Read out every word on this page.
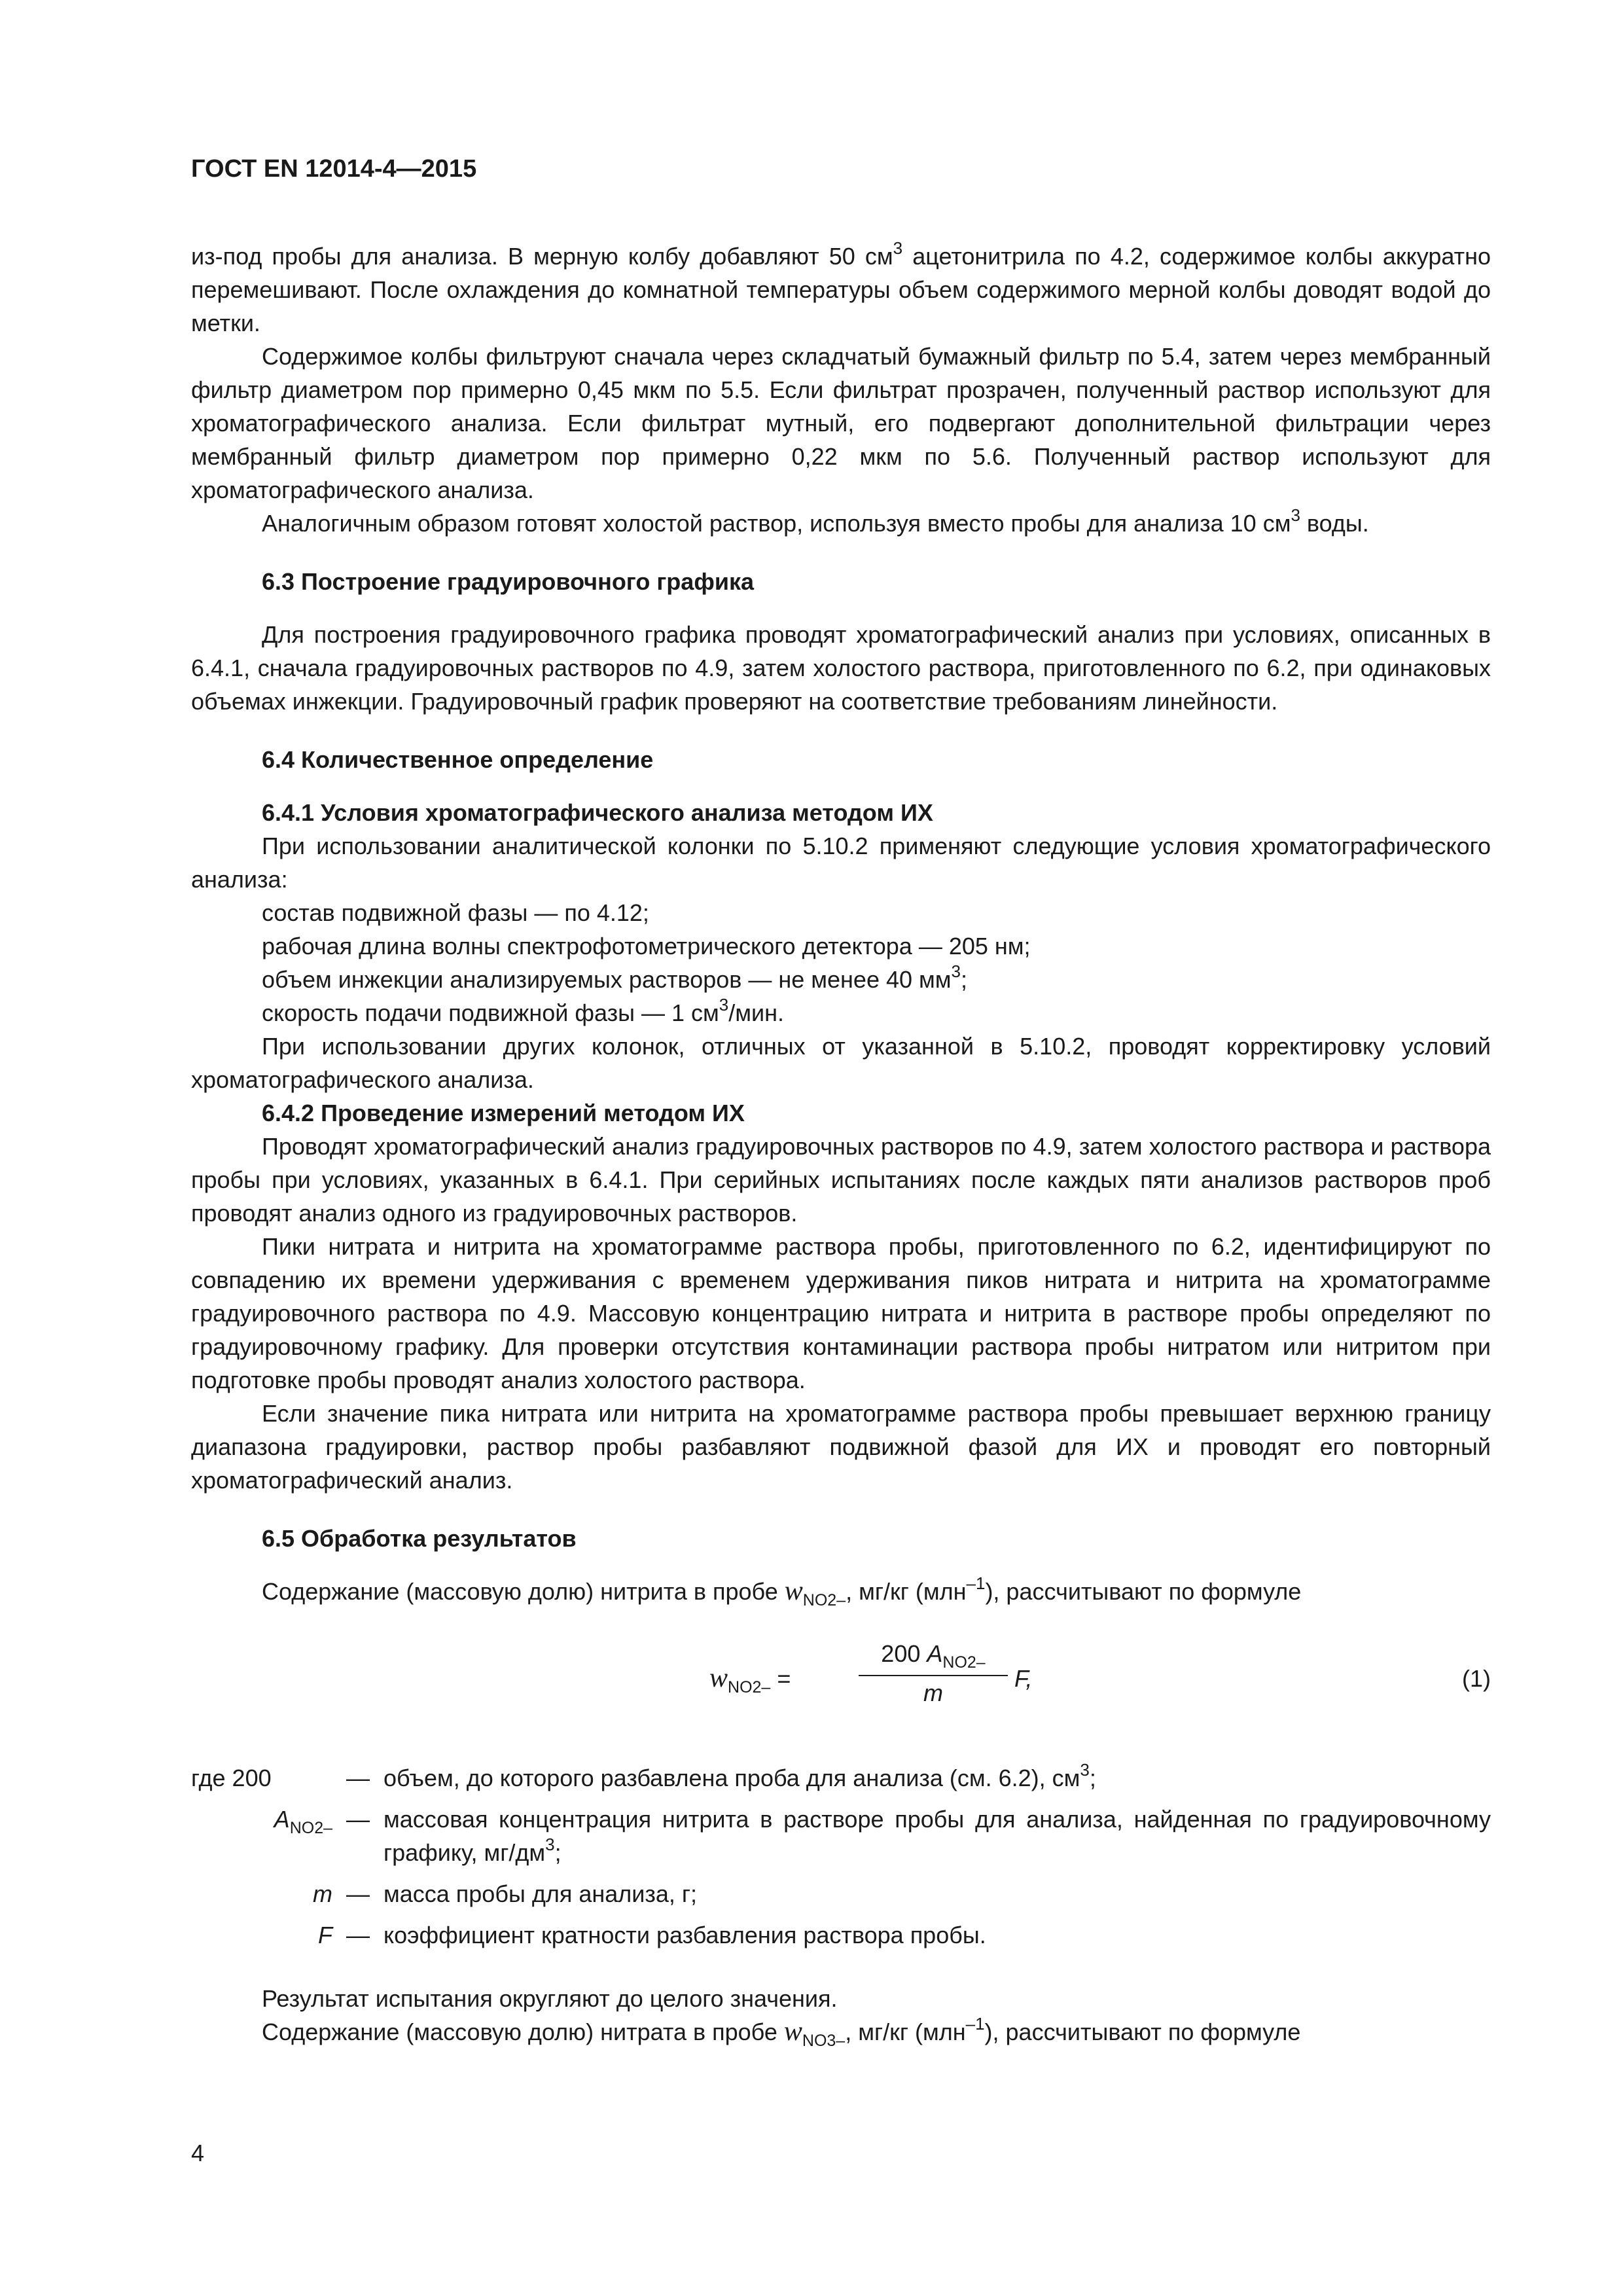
ГОСТ EN 12014-4—2015

из-под пробы для анализа. В мерную колбу добавляют 50 $см^3$ ацетонитрила по 4.2, содержимое колбы аккуратно перемешивают. После охлаждения до комнатной температуры объем содержимого мерной колбы доводят водой до метки.

Содержимое колбы фильтруют сначала через складчатый бумажный фильтр по 5.4, затем через мембранный фильтр диаметром пор примерно 0,45 мкм по 5.5. Если фильтрат прозрачен, полученный раствор используют для хроматографического анализа. Если фильтрат мутный, его подвергают дополнительной фильтрации через мембранный фильтр диаметром пор примерно 0,22 мкм по 5.6. Полученный раствор используют для хроматографического анализа.

Аналогичным образом готовят холостой раствор, используя вместо пробы для анализа 10 $см^3$ воды.

6.3 Построение градуировочного графика

Для построения градуировочного графика проводят хроматографический анализ при условиях, описанных в 6.4.1, сначала градуировочных растворов по 4.9, затем холостого раствора, приготовленного по 6.2, при одинаковых объемах инжекции. Градуировочный график проверяют на соответствие требованиям линейности.

6.4 Количественное определение

6.4.1 Условия хроматографического анализа методом ИХ

При использовании аналитической колонки по 5.10.2 применяют следующие условия хроматографического анализа:

состав подвижной фазы — по 4.12;

рабочая длина волны спектрофотометрического детектора — 205 нм;

объем инжекции анализируемых растворов — не менее 40 $мм^3$;

скорость подачи подвижной фазы — 1 $см^3$/мин.

При использовании других колонок, отличных от указанной в 5.10.2, проводят корректировку условий хроматографического анализа.

6.4.2 Проведение измерений методом ИХ

Проводят хроматографический анализ градуировочных растворов по 4.9, затем холостого раствора и раствора пробы при условиях, указанных в 6.4.1. При серийных испытаниях после каждых пяти анализов растворов проб проводят анализ одного из градуировочных растворов.

Пики нитрата и нитрита на хроматограмме раствора пробы, приготовленного по 6.2, идентифицируют по совпадению их времени удерживания с временем удерживания пиков нитрата и нитрита на хроматограмме градуировочного раствора по 4.9. Массовую концентрацию нитрата и нитрита в растворе пробы определяют по градуировочному графику. Для проверки отсутствия контаминации раствора пробы нитратом или нитритом при подготовке пробы проводят анализ холостого раствора.

Если значение пика нитрата или нитрита на хроматограмме раствора пробы превышает верхнюю границу диапазона градуировки, раствор пробы разбавляют подвижной фазой для ИХ и проводят его повторный хроматографический анализ.

6.5 Обработка результатов

Содержание (массовую долю) нитрита в пробе $w_{NO2-}$, мг/кг (млн$^{-1}$), рассчитывают по формуле

$w_{NO2-}$ =
200 $A_{NO2-}$
m
F,	(1)
где 200	— объем, до которого разбавлена проба для анализа (см. 6.2), $см^3$;
$A_{NO2-}$ — массовая концентрация нитрита в растворе пробы для анализа, найденная по градуировочному графику, $мг/дм^3$;
m — масса пробы для анализа, г;
F — коэффициент кратности разбавления раствора пробы.

Результат испытания округляют до целого значения.

Содержание (массовую долю) нитрата в пробе $w_{NO3-}$, мг/кг (млн$^{-1}$), рассчитывают по формуле

4
